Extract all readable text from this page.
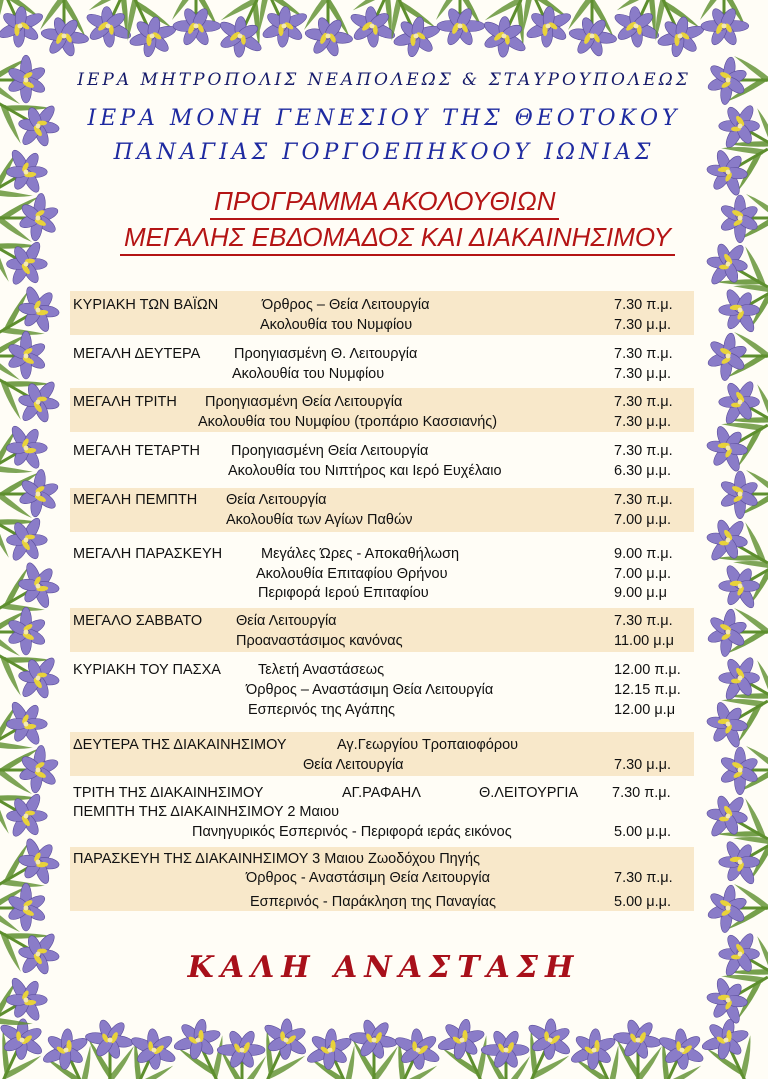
ΙΕΡΑ ΜΗΤΡΟΠΟΛΙΣ ΝΕΑΠΟΛΕΩΣ & ΣΤΑΥΡΟΥΠΟΛΕΩΣ
ΙΕΡΑ ΜΟΝΗ ΓΕΝΕΣΙΟΥ ΤΗΣ ΘΕΟΤΟΚΟΥ
ΠΑΝΑΓΙΑΣ ΓΟΡΓΟΕΠΗΚΟΟΥ ΙΩΝΙΑΣ
ΠΡΟΓΡΑΜΜΑ ΑΚΟΛΟΥΘΙΩΝ
ΜΕΓΑΛΗΣ ΕΒΔΟΜΑΔΟΣ ΚΑΙ ΔΙΑΚΑΙΝΗΣΙΜΟΥ
ΚΥΡΙΑΚΗ ΤΩΝ ΒΑΪΩΝ	Όρθρος – Θεία Λειτουργία	7.30 π.μ.
Ακολουθία του Νυμφίου	7.30 μ.μ.
ΜΕΓΑΛΗ ΔΕΥΤΕΡΑ Προηγιασμένη Θ. Λειτουργία	7.30 π.μ.
Ακολουθία του Νυμφίου	7.30 μ.μ.
ΜΕΓΑΛΗ ΤΡΙΤΗ Προηγιασμένη Θεία Λειτουργία	7.30 π.μ.
Ακολουθία του Νυμφίου (τροπάριο Κασσιανής)	7.30 μ.μ.
ΜΕΓΑΛΗ ΤΕΤΑΡΤΗ Προηγιασμένη Θεία Λειτουργία	7.30 π.μ.
Ακολουθία του Νιπτήρος και Ιερό Ευχέλαιο	6.30 μ.μ.
ΜΕΓΑΛΗ ΠΕΜΠΤΗ Θεία Λειτουργία	7.30 π.μ.
Ακολουθία των Αγίων Παθών	7.00 μ.μ.
ΜΕΓΑΛΗ ΠΑΡΑΣΚΕΥΗ	Μεγάλες Ώρες - Αποκαθήλωση	9.00 π.μ.
Ακολουθία Επιταφίου Θρήνου	7.00 μ.μ.
Περιφορά Ιερού Επιταφίου	9.00 μ.μ
ΜΕΓΑΛΟ ΣΑΒΒΑΤΟ Θεία Λειτουργία	7.30 π.μ.
Προαναστάσιμος κανόνας	11.00 μ.μ
ΚΥΡΙΑΚΗ ΤΟΥ ΠΑΣΧΑ	Τελετή Αναστάσεως	12.00 π.μ.
Όρθρος – Αναστάσιμη Θεία Λειτουργία	12.15 π.μ.
Εσπερινός της Αγάπης	12.00 μ.μ
ΔΕΥΤΕΡΑ ΤΗΣ ΔΙΑΚΑΙΝΗΣΙΜΟΥ	Αγ.Γεωργίου Τροπαιοφόρου
Θεία Λειτουργία	7.30 μ.μ.
ΤΡΙΤΗ ΤΗΣ ΔΙΑΚΑΙΝΗΣΙΜΟΥ	ΑΓ.ΡΑΦΑΗΛ	Θ.ΛΕΙΤΟΥΡΓΙΑ 7.30 π.μ.
ΠΕΜΠΤΗ ΤΗΣ ΔΙΑΚΑΙΝΗΣΙΜΟΥ 2 Μαιου
Πανηγυρικός Εσπερινός - Περιφορά ιεράς εικόνος	5.00 μ.μ.
ΠΑΡΑΣΚΕΥΗ ΤΗΣ ΔΙΑΚΑΙΝΗΣΙΜΟΥ 3 Μαιου Ζωοδόχου Πηγής
Όρθρος - Αναστάσιμη Θεία Λειτουργία	7.30 π.μ.
Εσπερινός - Παράκληση της Παναγίας	5.00 μ.μ.
ΚΑΛΗ ΑΝΑΣΤΑΣΗ
